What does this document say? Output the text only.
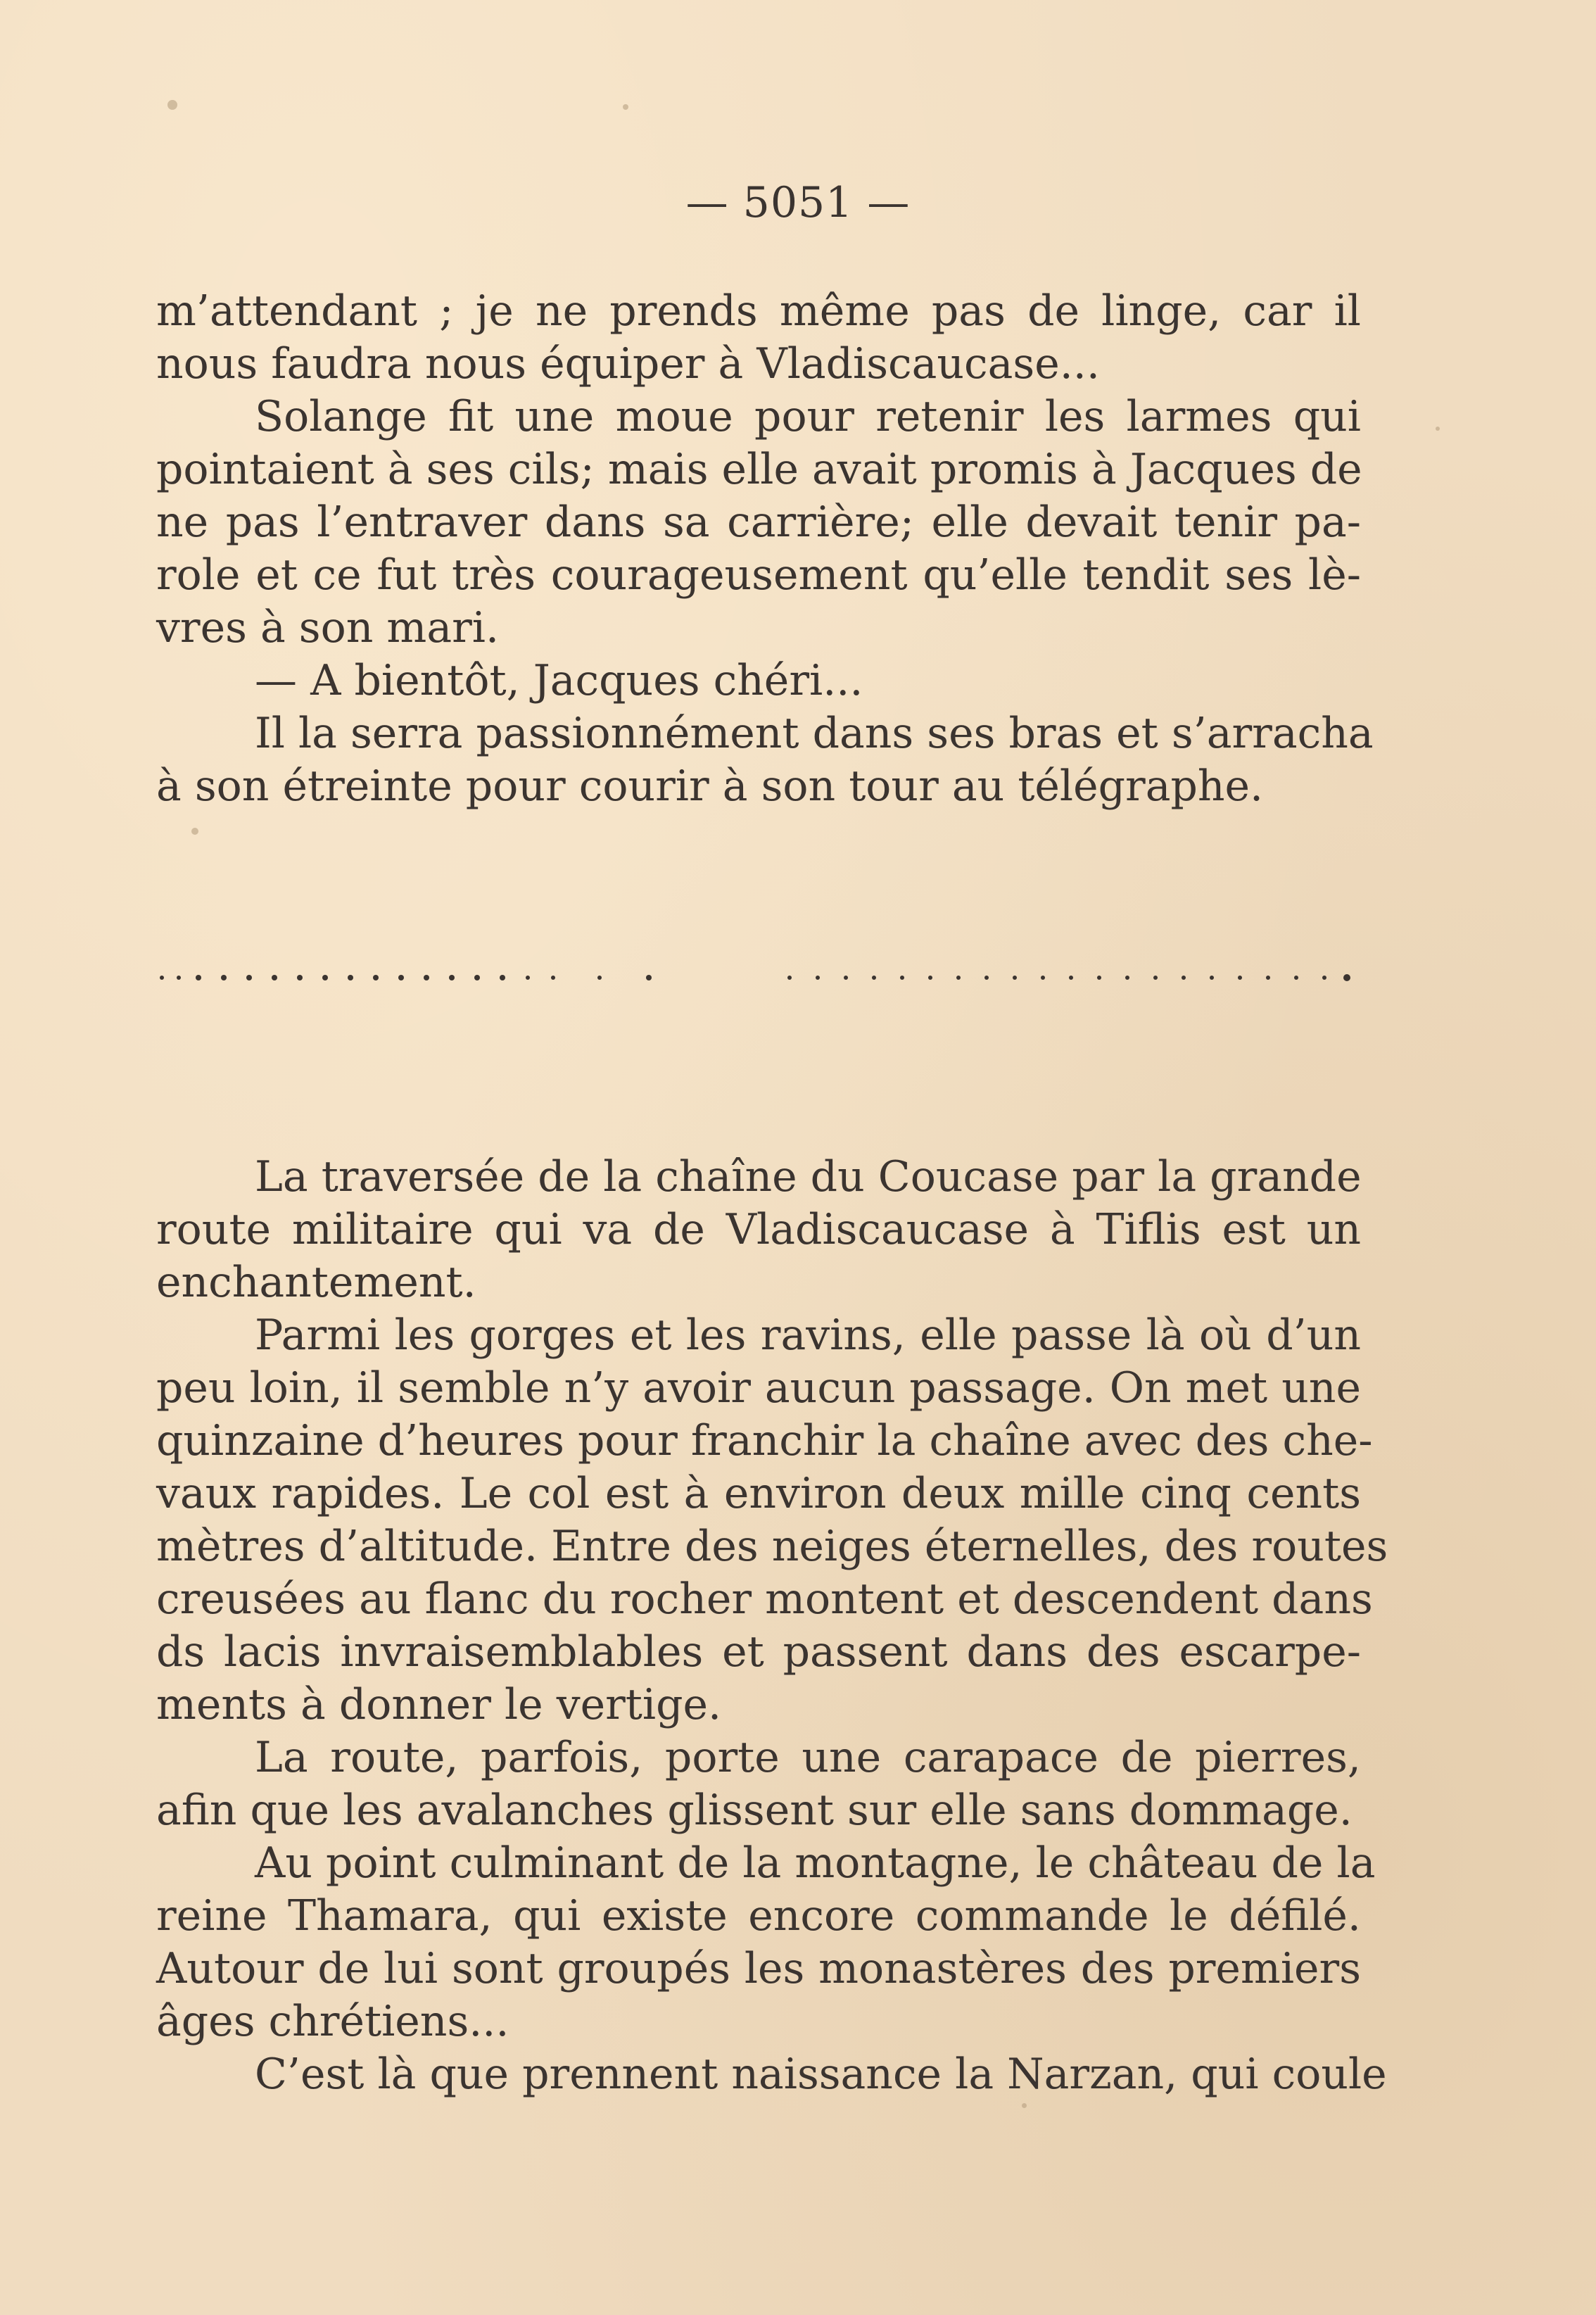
— 5051 —
m’attendant ; je ne prends même pas de linge, car il
nous faudra nous équiper à Vladiscaucase...
Solange fit une moue pour retenir les larmes qui
pointaient à ses cils; mais elle avait promis à Jacques de
ne pas l’entraver dans sa carrière; elle devait tenir pa-
role et ce fut très courageusement qu’elle tendit ses lè-
vres à son mari.
— A bientôt, Jacques chéri...
Il la serra passionnément dans ses bras et s’arracha
à son étreinte pour courir à son tour au télégraphe.
La traversée de la chaîne du Coucase par la grande
route militaire qui va de Vladiscaucase à Tiflis est un
enchantement.
Parmi les gorges et les ravins, elle passe là où d’un
peu loin, il semble n’y avoir aucun passage. On met une
quinzaine d’heures pour franchir la chaîne avec des che-
vaux rapides. Le col est à environ deux mille cinq cents
mètres d’altitude. Entre des neiges éternelles, des routes
creusées au flanc du rocher montent et descendent dans
ds lacis invraisemblables et passent dans des escarpe-
ments à donner le vertige.
La route, parfois, porte une carapace de pierres,
afin que les avalanches glissent sur elle sans dommage.
Au point culminant de la montagne, le château de la
reine Thamara, qui existe encore commande le défilé.
Autour de lui sont groupés les monastères des premiers
âges chrétiens...
C’est là que prennent naissance la Narzan, qui coule
